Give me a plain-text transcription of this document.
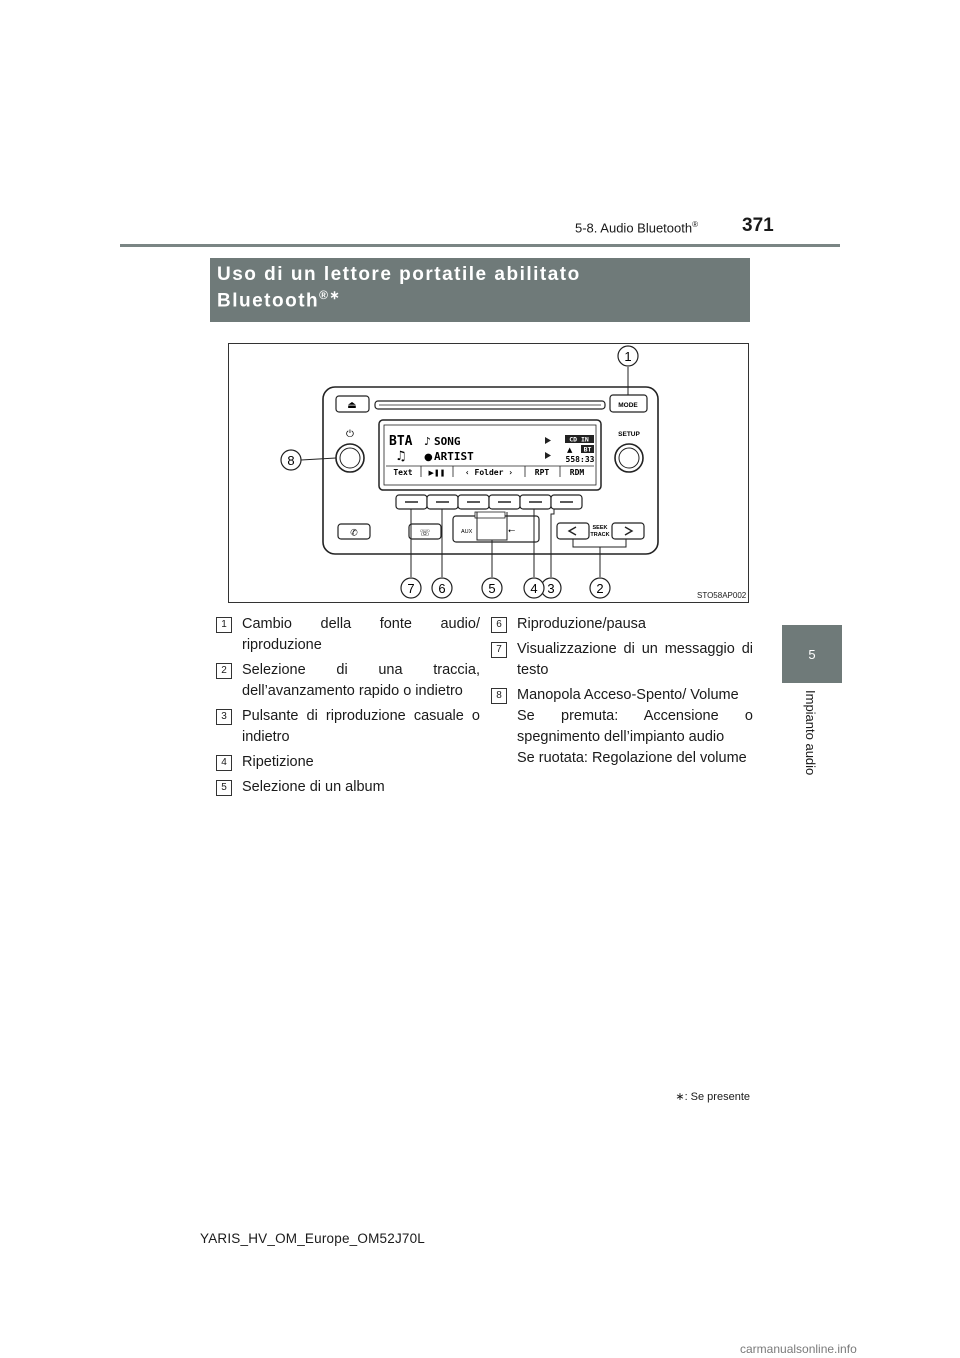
5-8. Audio Bluetooth® 371
5
Impianto audio
Uso di un lettore portatile abilitato
Bluetooth®∗
⏏	MODE
⏻	SETUP
BTA ♪ SONG
♫ ● ARTIST
CD IN
▲ BT
558:33
Text ▶❚❚ ‹ Folder ›	RPT	RDM
✆	☏	AUX	⭠	SEEK
TRACK
1
2
3
4
5
6
7
8
STO58AP002
1	Cambio della fonte audio/ riproduzione
2	Selezione di una traccia, dell’avanzamento rapido o indietro
3	Pulsante di riproduzione casuale o indietro
4	Ripetizione
5	Selezione di un album
6	Riproduzione/pausa
7	Visualizzazione di un messaggio di testo
8	Manopola Acceso-Spento/ Volume
Se premuta: Accensione o spegnimento dell’impianto audio
Se ruotata: Regolazione del volume
∗: Se presente
YARIS_HV_OM_Europe_OM52J70L
carmanualsonline.info
